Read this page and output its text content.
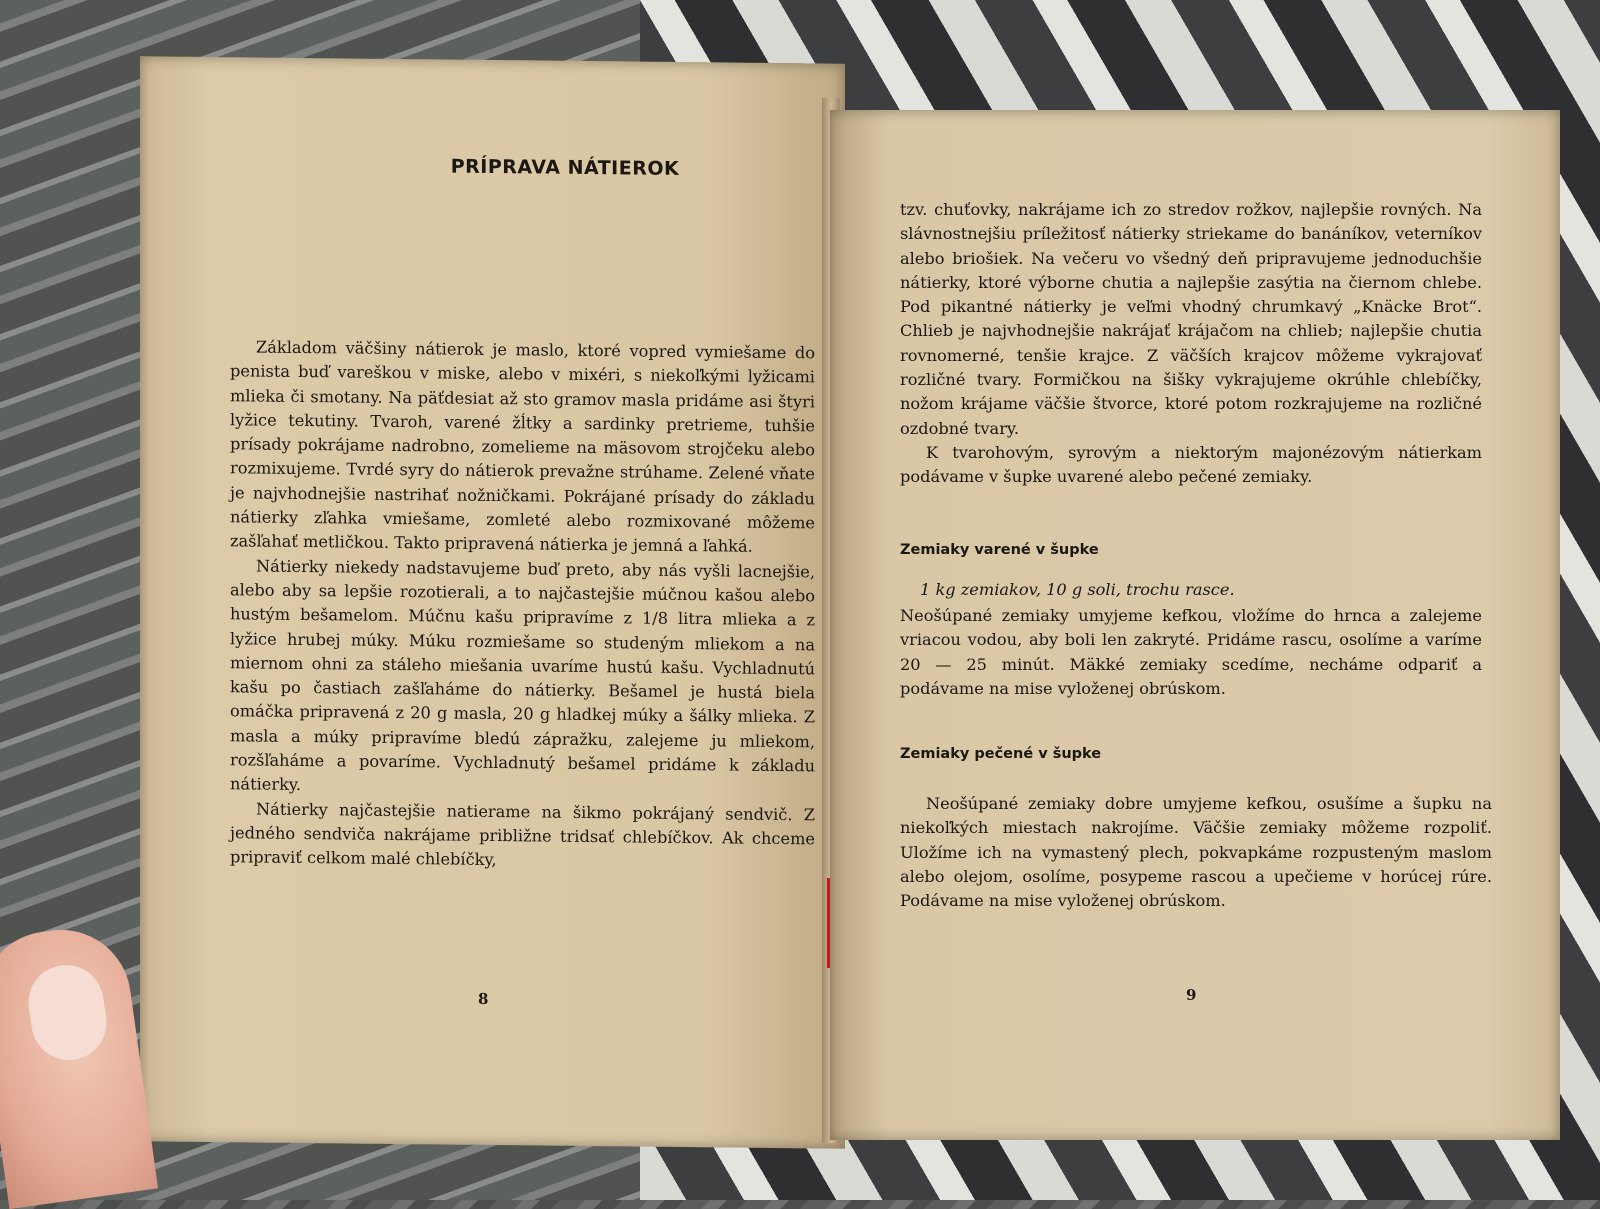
PRÍPRAVA NÁTIEROK

Základom väčšiny nátierok je maslo, ktoré vopred vymiešame do penista buď vareškou v miske, alebo v mixéri, s niekoľkými lyžicami mlieka či smotany. Na päťdesiat až sto gramov masla pridáme asi štyri lyžice tekutiny. Tvaroh, varené žĺtky a sardinky pretrieme, tuhšie prísady pokrájame nadrobno, zomelieme na mäsovom strojčeku alebo rozmixujeme. Tvrdé syry do nátierok prevažne strúhame. Zelené vňate je najvhodnejšie nastrihať nožničkami. Pokrájané prísady do základu nátierky zľahka vmiešame, zomleté alebo rozmixované môžeme zašľahať metličkou. Takto pripravená nátierka je jemná a ľahká.

Nátierky niekedy nadstavujeme buď preto, aby nás vyšli lacnejšie, alebo aby sa lepšie rozotierali, a to najčastejšie múčnou kašou alebo hustým bešamelom. Múčnu kašu pripravíme z 1/8 litra mlieka a z lyžice hrubej múky. Múku rozmiešame so studeným mliekom a na miernom ohni za stáleho miešania uvaríme hustú kašu. Vychladnutú kašu po častiach zašľaháme do nátierky. Bešamel je hustá biela omáčka pripravená z 20 g masla, 20 g hladkej múky a šálky mlieka. Z masla a múky pripravíme bledú zápražku, zalejeme ju mliekom, rozšľaháme a povaríme. Vychladnutý bešamel pridáme k základu nátierky.

Nátierky najčastejšie natierame na šikmo pokrájaný sendvič. Z jedného sendviča nakrájame približne tridsať chlebíčkov. Ak chceme pripraviť celkom malé chlebíčky,

8

tzv. chuťovky, nakrájame ich zo stredov rožkov, najlepšie rovných. Na slávnostnejšiu príležitosť nátierky striekame do banáníkov, veterníkov alebo briošiek. Na večeru vo všedný deň pripravujeme jednoduchšie nátierky, ktoré výborne chutia a najlepšie zasýtia na čiernom chlebe. Pod pikantné nátierky je veľmi vhodný chrumkavý „Knäcke Brot“. Chlieb je najvhodnejšie nakrájať krájačom na chlieb; najlepšie chutia rovnomerné, tenšie krajce. Z väčších krajcov môžeme vykrajovať rozličné tvary. Formičkou na šišky vykrajujeme okrúhle chlebíčky, nožom krájame väčšie štvorce, ktoré potom rozkrajujeme na rozličné ozdobné tvary.

K tvarohovým, syrovým a niektorým majonézovým nátierkam podávame v šupke uvarené alebo pečené zemiaky.

Zemiaky varené v šupke
1 kg zemiakov, 10 g soli, trochu rasce.

Neošúpané zemiaky umyjeme kefkou, vložíme do hrnca a zalejeme vriacou vodou, aby boli len zakryté. Pridáme rascu, osolíme a varíme 20 — 25 minút. Mäkké zemiaky scedíme, necháme odpariť a podávame na mise vyloženej obrúskom.

Zemiaky pečené v šupke

Neošúpané zemiaky dobre umyjeme kefkou, osušíme a šupku na niekoľkých miestach nakrojíme. Väčšie zemiaky môžeme rozpoliť. Uložíme ich na vymastený plech, pokvapkáme rozpusteným maslom alebo olejom, osolíme, posypeme rascou a upečieme v horúcej rúre. Podávame na mise vyloženej obrúskom.

9
